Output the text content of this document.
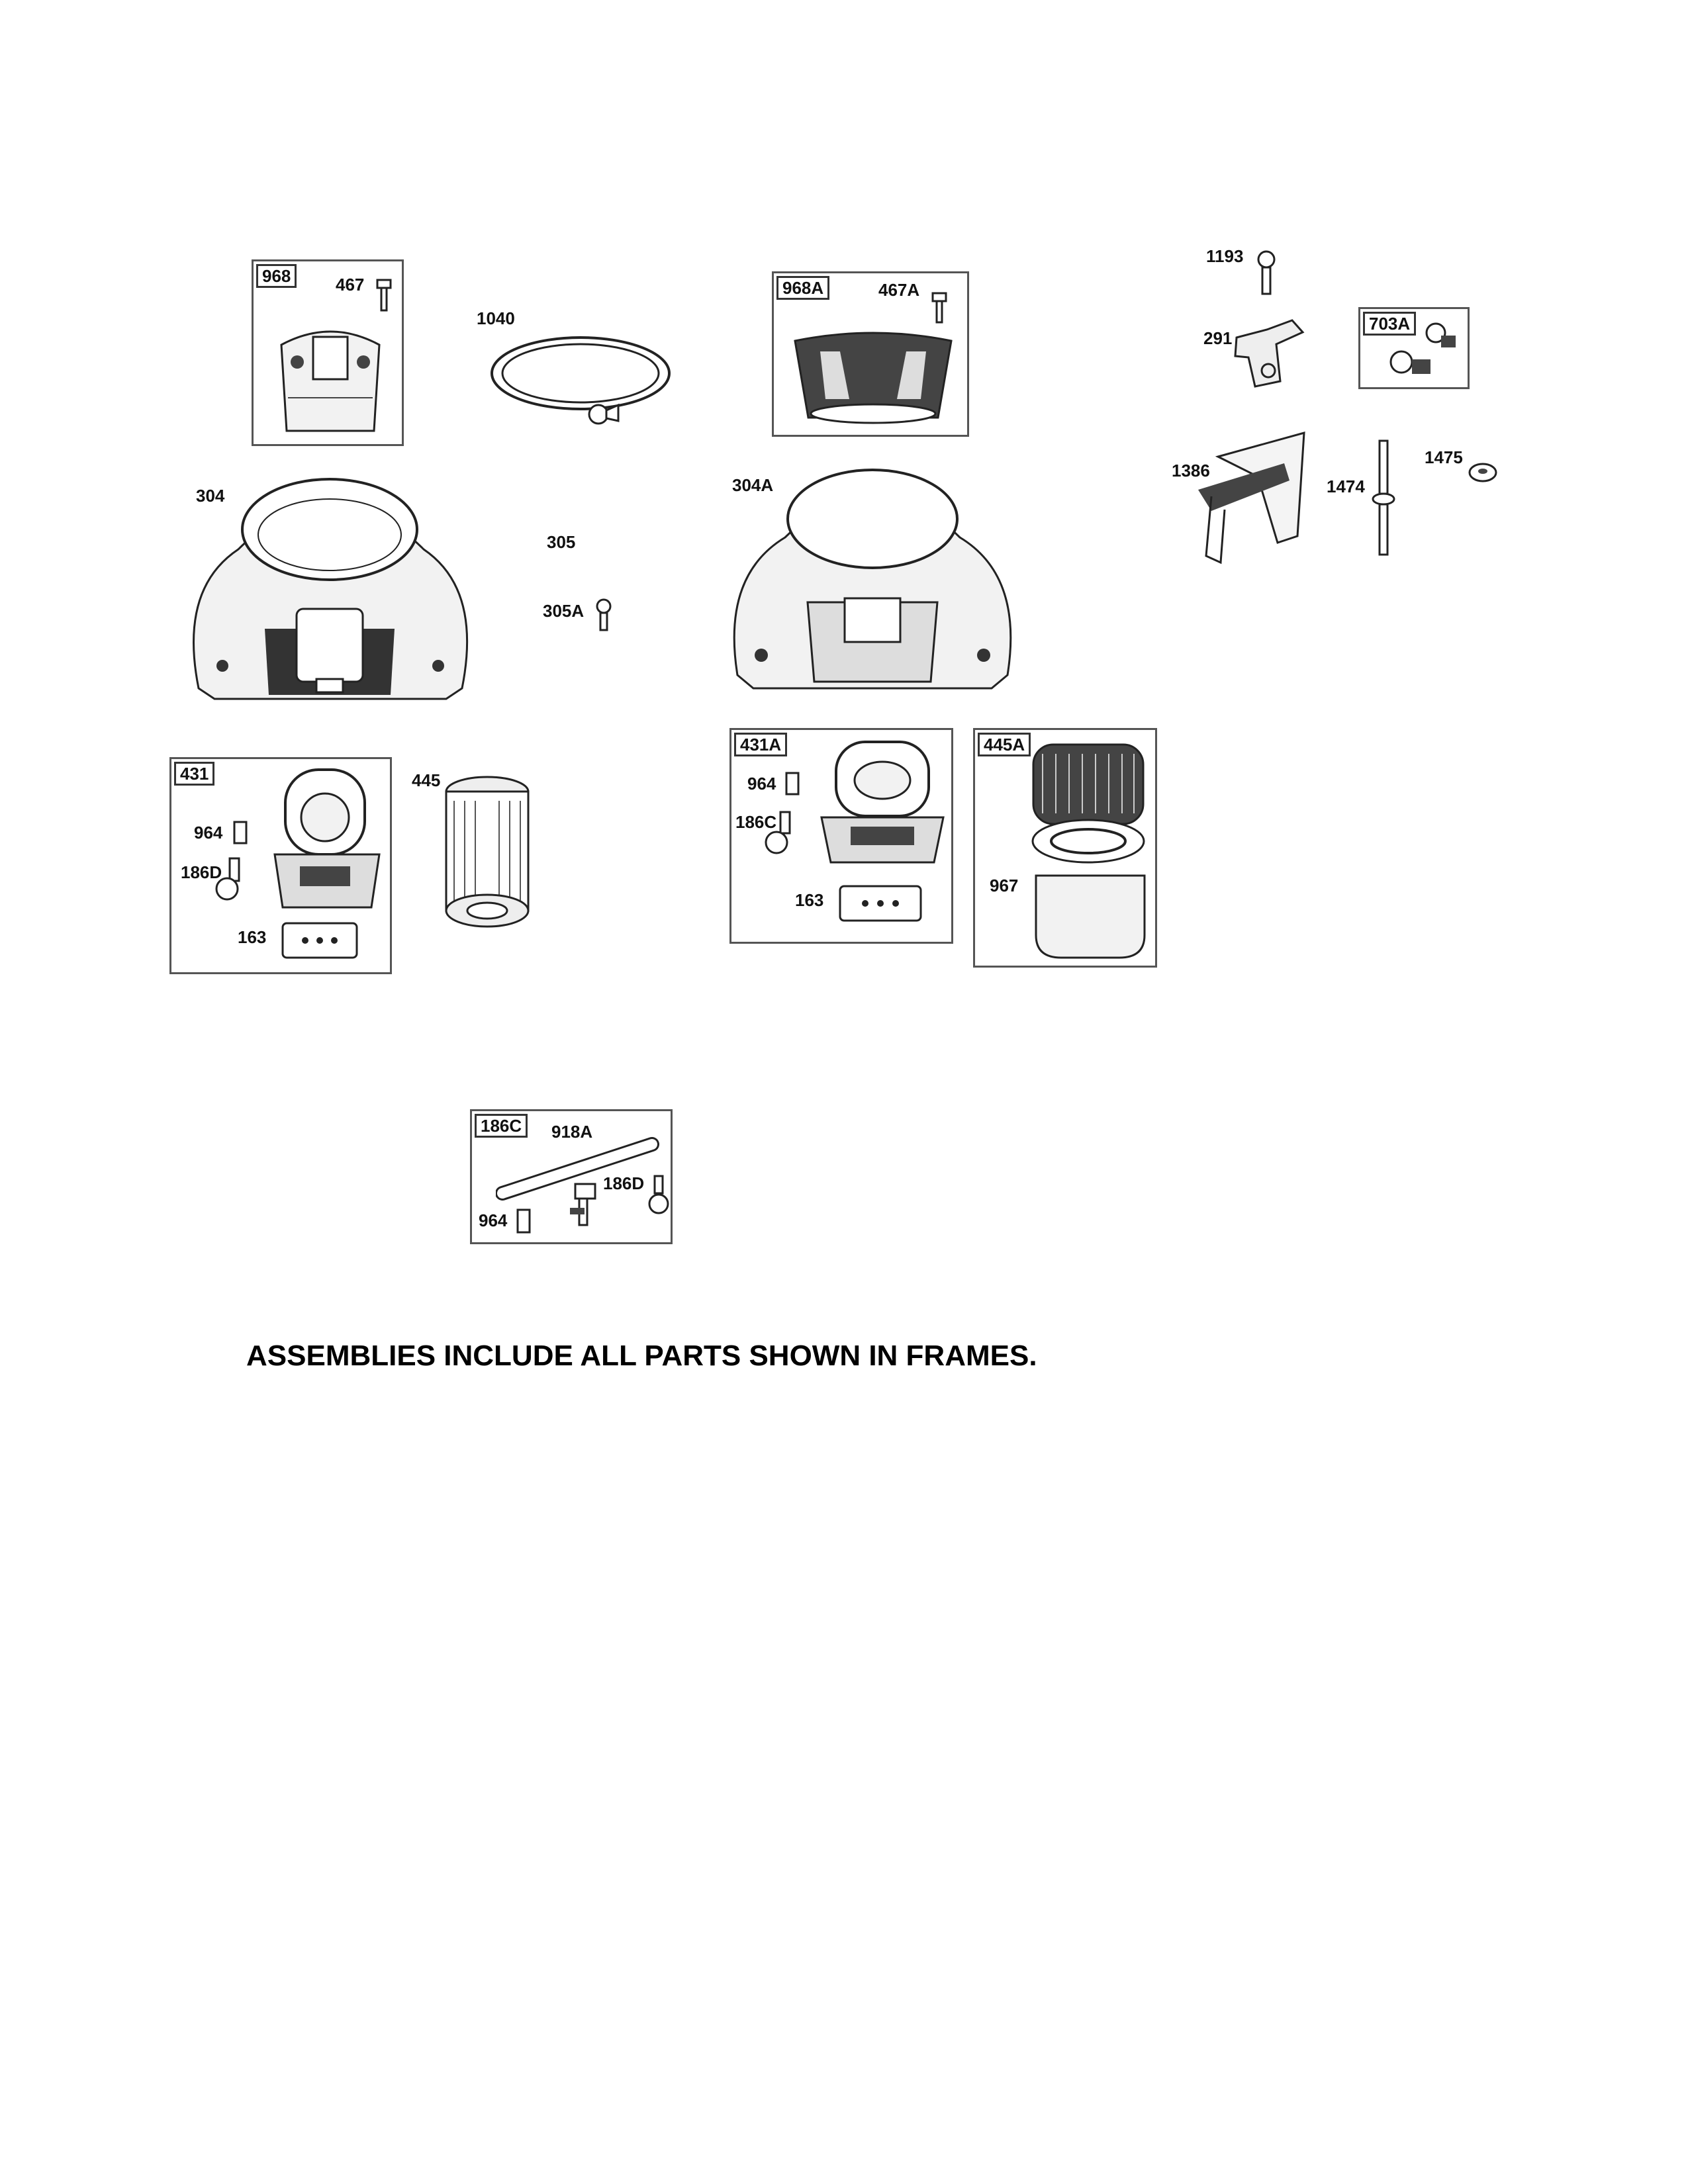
968	467
1040
968A	467A
1193
291
703A
304
305
305A
304A
1386
1474
1475
431
964
186D
163
445
431A
964
186C
163
445A
967
186C	918A
186D
964
ASSEMBLIES INCLUDE ALL PARTS SHOWN IN FRAMES.
